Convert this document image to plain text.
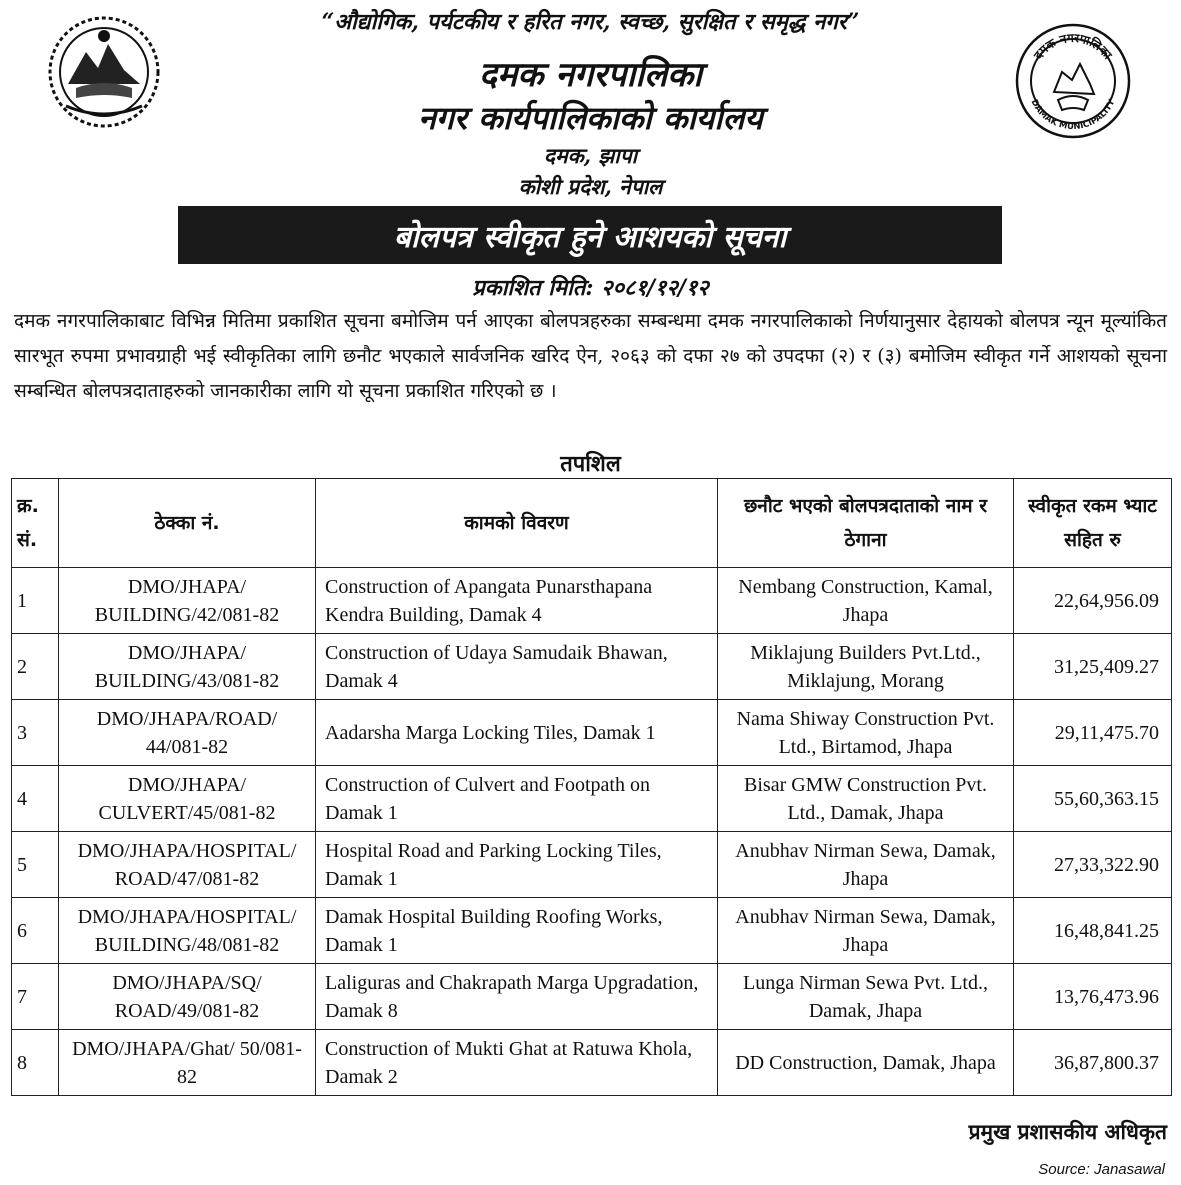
दमक नगरपालिका
DAMAK MUNICIPALITY
“औद्योगिक, पर्यटकीय र हरित नगर, स्वच्छ, सुरक्षित र समृद्ध नगर”
दमक नगरपालिका
नगर कार्यपालिकाको कार्यालय
दमक, झापा
कोशी प्रदेश, नेपाल
बोलपत्र स्वीकृत हुने आशयको सूचना
प्रकाशित मिति: २०८१/१२/१२
दमक नगरपालिकाबाट विभिन्न मितिमा प्रकाशित सूचना बमोजिम पर्न आएका बोलपत्रहरुका सम्बन्धमा दमक नगरपालिकाको निर्णयानुसार देहायको बोलपत्र न्यून मूल्यांकित सारभूत रुपमा प्रभावग्राही भई स्वीकृतिका लागि छनौट भएकाले सार्वजनिक खरिद ऐन, २०६३ को दफा २७ को उपदफा (२) र (३) बमोजिम स्वीकृत गर्ने आशयको सूचना सम्बन्धित बोलपत्रदाताहरुको जानकारीका लागि यो सूचना प्रकाशित गरिएको छ ।
तपशिल
क्र. सं.	ठेक्का नं.	कामको विवरण	छनौट भएको बोलपत्रदाताको नाम र ठेगाना	स्वीकृत रकम भ्याट सहित रु
1	DMO/JHAPA/ BUILDING/42/081-82	Construction of Apangata Punarsthapana Kendra Building, Damak 4	Nembang Construction, Kamal, Jhapa	22,64,956.09
2	DMO/JHAPA/ BUILDING/43/081-82	Construction of Udaya Samudaik Bhawan, Damak 4	Miklajung Builders Pvt.Ltd., Miklajung, Morang	31,25,409.27
3	DMO/JHAPA/ROAD/ 44/081-82	Aadarsha Marga Locking Tiles, Damak 1	Nama Shiway Construction Pvt. Ltd., Birtamod, Jhapa	29,11,475.70
4	DMO/JHAPA/ CULVERT/45/081-82	Construction of Culvert and Footpath on Damak 1	Bisar GMW Construction Pvt. Ltd., Damak, Jhapa	55,60,363.15
5	DMO/JHAPA/HOSPITAL/ ROAD/47/081-82	Hospital Road and Parking Locking Tiles, Damak 1	Anubhav Nirman Sewa, Damak, Jhapa	27,33,322.90
6	DMO/JHAPA/HOSPITAL/ BUILDING/48/081-82	Damak Hospital Building Roofing Works, Damak 1	Anubhav Nirman Sewa, Damak, Jhapa	16,48,841.25
7	DMO/JHAPA/SQ/ ROAD/49/081-82	Laliguras and Chakrapath Marga Upgradation, Damak 8	Lunga Nirman Sewa Pvt. Ltd., Damak, Jhapa	13,76,473.96
8	DMO/JHAPA/Ghat/ 50/081-82	Construction of Mukti Ghat at Ratuwa Khola, Damak 2	DD Construction, Damak, Jhapa	36,87,800.37
प्रमुख प्रशासकीय अधिकृत
Source: Janasawal
